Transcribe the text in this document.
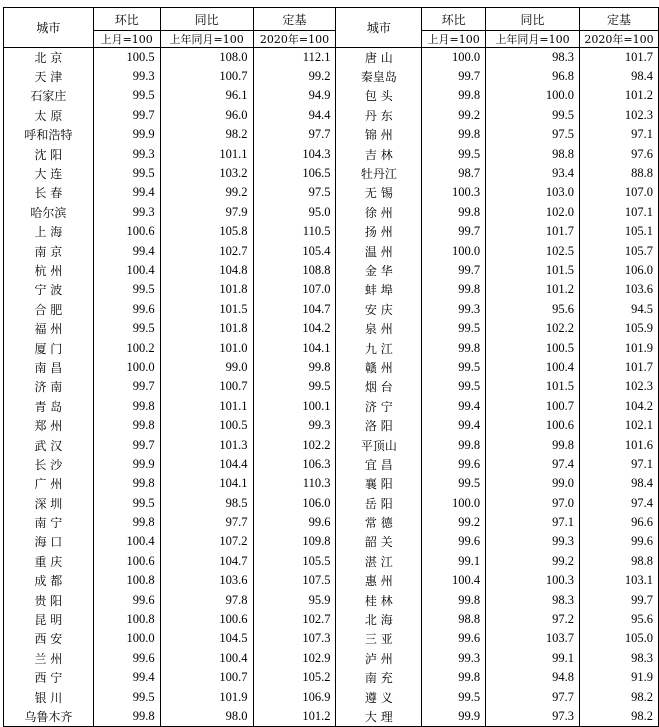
城市	环比	同比	定基	城市	环比	同比	定基
	上月=100	上年同月=100	2020年=100		上月=100	上年同月=100	2020年=100
北 京	100.5	108.0	112.1	唐 山	100.0	98.3	101.7
天 津	99.3	100.7	99.2	秦皇岛	99.7	96.8	98.4
石家庄	99.5	96.1	94.9	包 头	99.8	100.0	101.2
太 原	99.7	96.0	94.4	丹 东	99.2	99.5	102.3
呼和浩特	99.9	98.2	97.7	锦 州	99.8	97.5	97.1
沈 阳	99.3	101.1	104.3	吉 林	99.5	98.8	97.6
大 连	99.5	103.2	106.5	牡丹江	98.7	93.4	88.8
长 春	99.4	99.2	97.5	无 锡	100.3	103.0	107.0
哈尔滨	99.3	97.9	95.0	徐 州	99.8	102.0	107.1
上 海	100.6	105.8	110.5	扬 州	99.7	101.7	105.1
南 京	99.4	102.7	105.4	温 州	100.0	102.5	105.7
杭 州	100.4	104.8	108.8	金 华	99.7	101.5	106.0
宁 波	99.5	101.8	107.0	蚌 埠	99.8	101.2	103.6
合 肥	99.6	101.5	104.7	安 庆	99.3	95.6	94.5
福 州	99.5	101.8	104.2	泉 州	99.5	102.2	105.9
厦 门	100.2	101.0	104.1	九 江	99.8	100.5	101.9
南 昌	100.0	99.0	99.8	赣 州	99.5	100.4	101.7
济 南	99.7	100.7	99.5	烟 台	99.5	101.5	102.3
青 岛	99.8	101.1	100.1	济 宁	99.4	100.7	104.2
郑 州	99.8	100.5	99.3	洛 阳	99.4	100.6	102.1
武 汉	99.7	101.3	102.2	平顶山	99.8	99.8	101.6
长 沙	99.9	104.4	106.3	宜 昌	99.6	97.4	97.1
广 州	99.8	104.1	110.3	襄 阳	99.5	99.0	98.4
深 圳	99.5	98.5	106.0	岳 阳	100.0	97.0	97.4
南 宁	99.8	97.7	99.6	常 德	99.2	97.1	96.6
海 口	100.4	107.2	109.8	韶 关	99.6	99.3	99.6
重 庆	100.6	104.7	105.5	湛 江	99.1	99.2	98.8
成 都	100.8	103.6	107.5	惠 州	100.4	100.3	103.1
贵 阳	99.6	97.8	95.9	桂 林	99.8	98.3	99.7
昆 明	100.8	100.6	102.7	北 海	98.8	97.2	95.6
西 安	100.0	104.5	107.3	三 亚	99.6	103.7	105.0
兰 州	99.6	100.4	102.9	泸 州	99.3	99.1	98.3
西 宁	99.4	100.7	105.2	南 充	99.8	94.8	91.9
银 川	99.5	101.9	106.9	遵 义	99.5	97.7	98.2
乌鲁木齐	99.8	98.0	101.2	大 理	99.9	97.3	98.2
